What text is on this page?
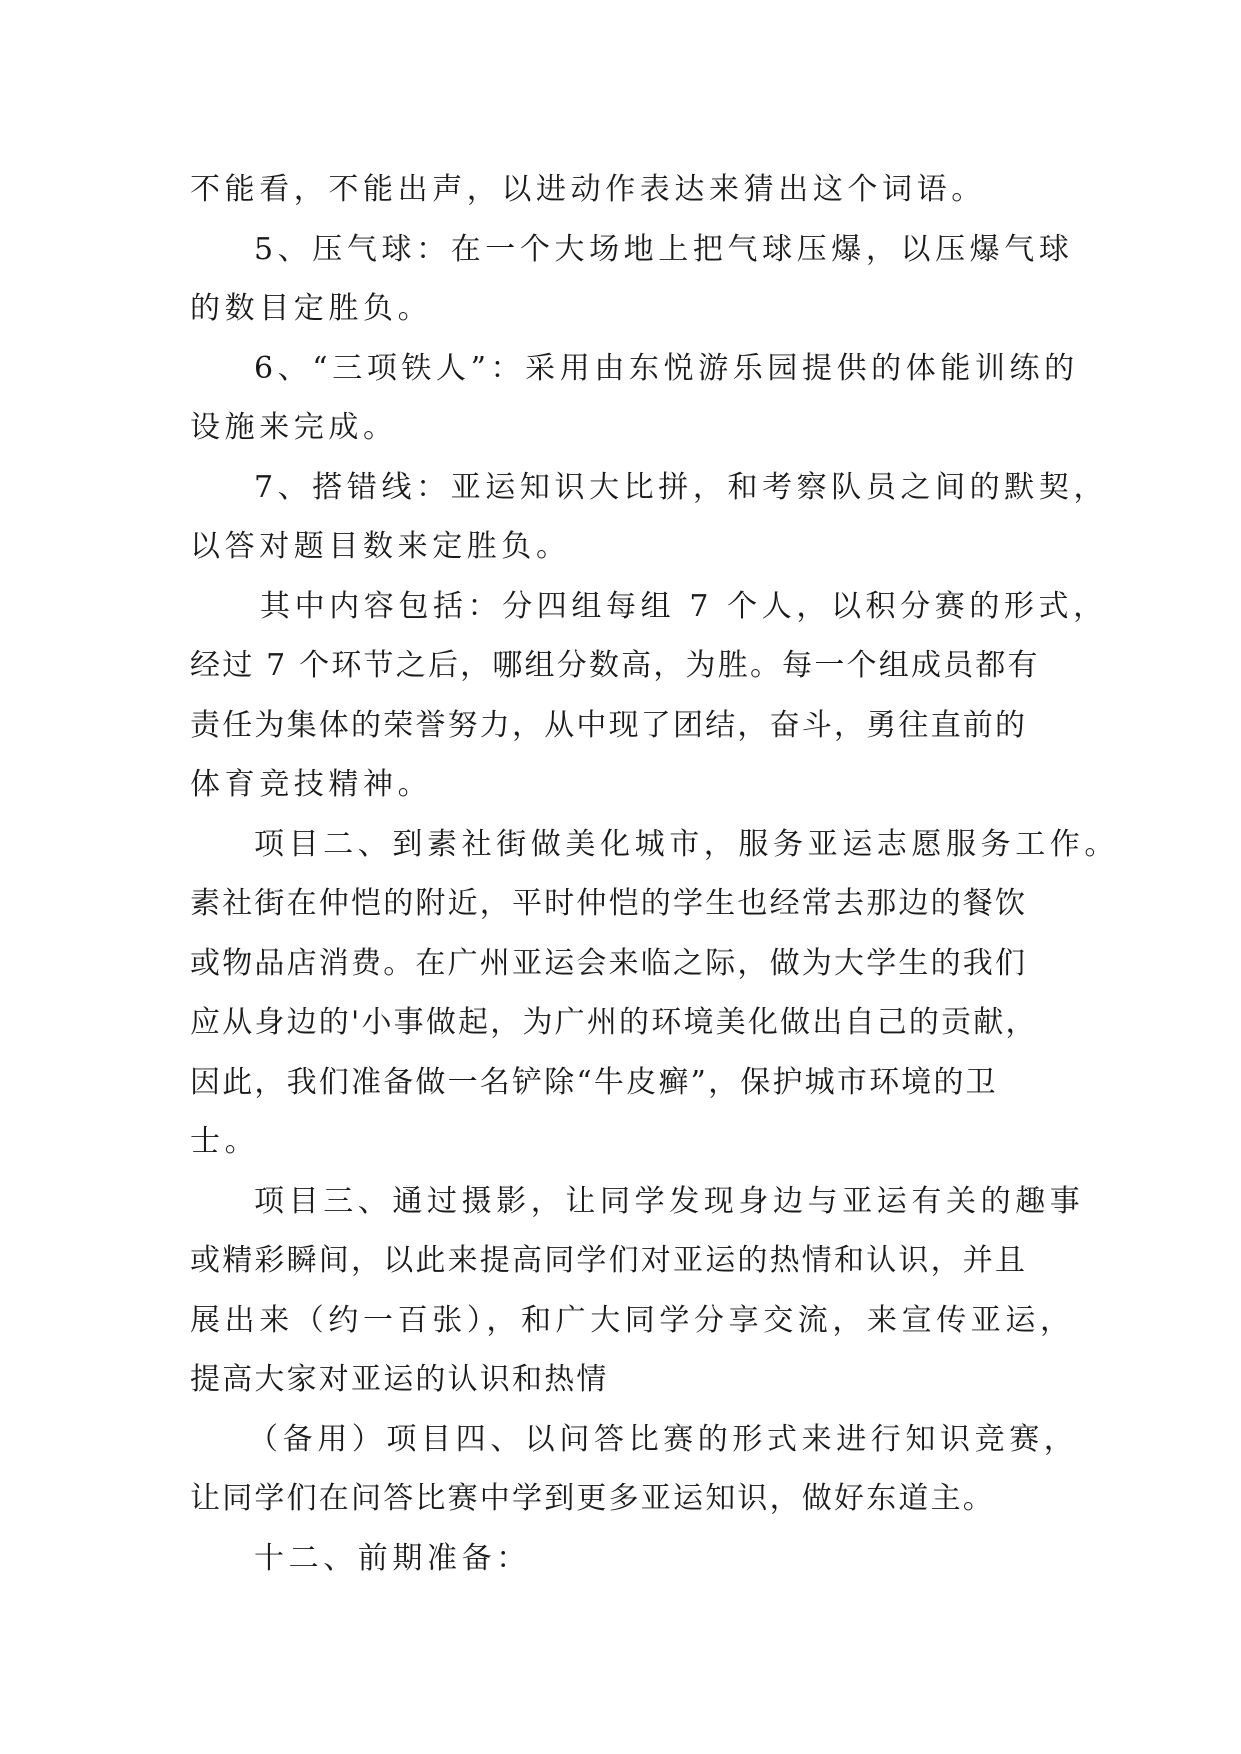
不能看，不能出声，以进动作表达来猜出这个词语。
5、压气球：在一个大场地上把气球压爆，以压爆气球
的数目定胜负。
6、“三项铁人”：采用由东悦游乐园提供的体能训练的
设施来完成。
7、搭错线：亚运知识大比拼，和考察队员之间的默契，
以答对题目数来定胜负。
其中内容包括：分四组每组 7 个人，以积分赛的形式，
经过 7 个环节之后，哪组分数高，为胜。每一个组成员都有
责任为集体的荣誉努力，从中现了团结，奋斗，勇往直前的
体育竞技精神。
项目二、到素社街做美化城市，服务亚运志愿服务工作。
素社街在仲恺的附近，平时仲恺的学生也经常去那边的餐饮
或物品店消费。在广州亚运会来临之际，做为大学生的我们
应从身边的'小事做起，为广州的环境美化做出自己的贡献，
因此，我们准备做一名铲除“牛皮癣”，保护城市环境的卫
士。
项目三、通过摄影，让同学发现身边与亚运有关的趣事
或精彩瞬间，以此来提高同学们对亚运的热情和认识，并且
展出来（约一百张），和广大同学分享交流，来宣传亚运，
提高大家对亚运的认识和热情
（备用）项目四、以问答比赛的形式来进行知识竞赛，
让同学们在问答比赛中学到更多亚运知识，做好东道主。
十二、前期准备：
